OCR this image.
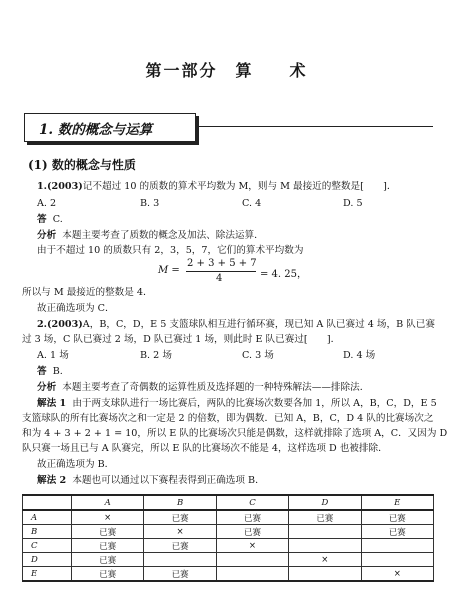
第一部分 算 术
1. 数的概念与运算
(1) 数的概念与性质
1.(2003)记不超过 10 的质数的算术平均数为 M，则与 M 最接近的整数是[　　]．
A. 2	B. 3	C. 4	D. 5
答 C.
分析 本题主要考查了质数的概念及加法、除法运算．
由于不超过 10 的质数只有 2，3，5，7，它们的算术平均数为
M =
2 + 3 + 5 + 7
4	= 4. 25，
所以与 M 最接近的整数是 4．
故正确选项为 C．
2.(2003)A，B，C，D，E 5 支篮球队相互进行循环赛，现已知 A 队已赛过 4 场，B 队已赛
过 3 场，C 队已赛过 2 场，D 队已赛过 1 场，则此时 E 队已赛过[　　]．
A. 1 场	B. 2 场	C. 3 场	D. 4 场
答 B.
分析 本题主要考查了奇偶数的运算性质及选择题的一种特殊解法——排除法．
解法 1 由于两支球队进行一场比赛后，两队的比赛场次数要各加 1，所以 A，B，C，D，E 5
支篮球队的所有比赛场次之和一定是 2 的倍数，即为偶数．已知 A，B，C，D 4 队的比赛场次之
和为 4 + 3 + 2 + 1 = 10，所以 E 队的比赛场次只能是偶数，这样就排除了选项 A，C．又因为 D
队只赛一场且已与 A 队赛完，所以 E 队的比赛场次不能是 4，这样选项 D 也被排除．
故正确选项为 B．
解法 2 本题也可以通过以下赛程表得到正确选项 B．
	A	B	C	D	E
A	×	已赛	已赛	已赛	已赛
B	已赛	×	已赛		已赛
C	已赛	已赛	×		
D	已赛			×	
E	已赛	已赛			×
